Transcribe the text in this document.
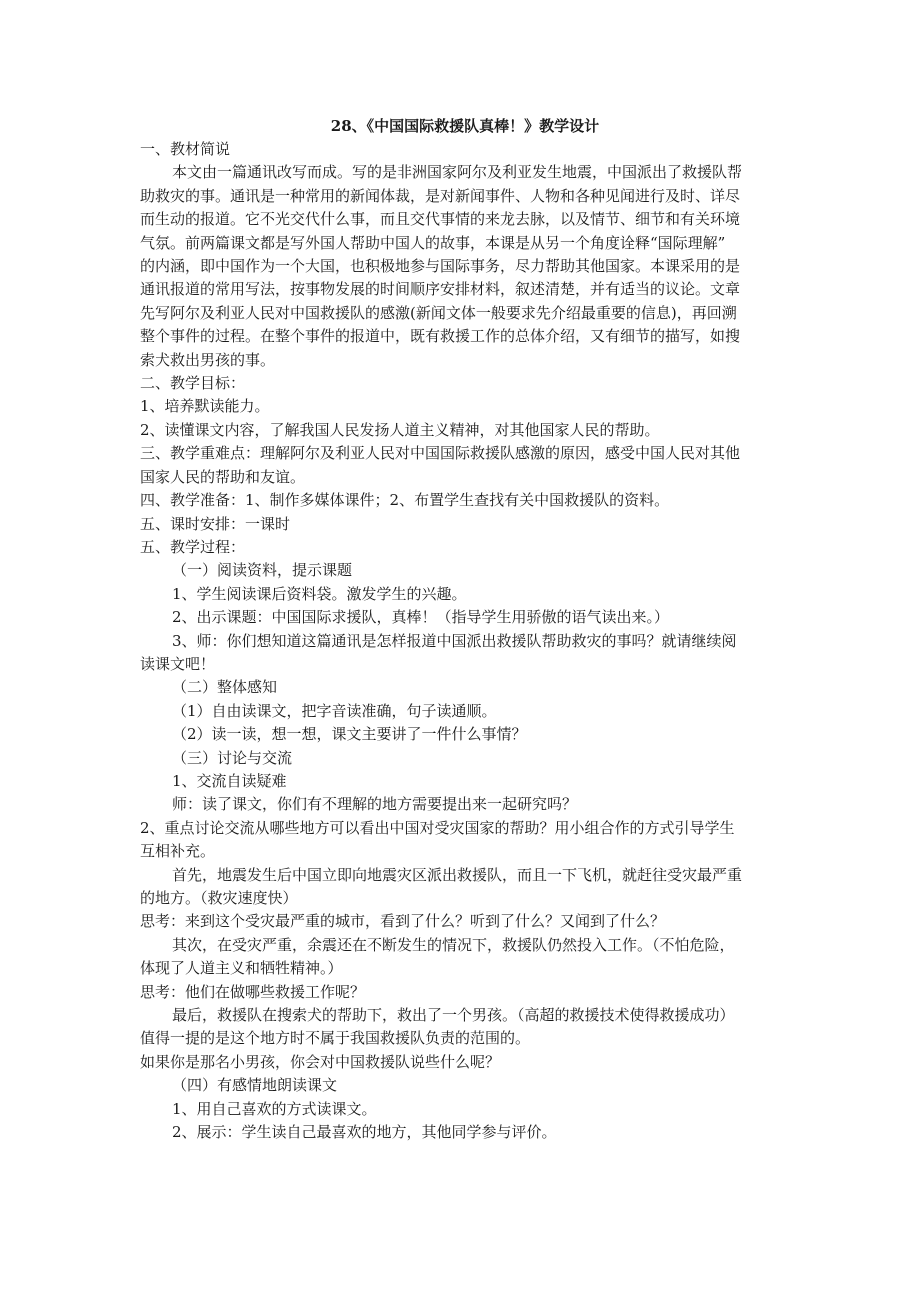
28、《中国国际救援队真棒！》教学设计

一、教材简说

本文由一篇通讯改写而成。写的是非洲国家阿尔及利亚发生地震，中国派出了救援队帮

助救灾的事。通讯是一种常用的新闻体裁，是对新闻事件、人物和各种见闻进行及时、详尽

而生动的报道。它不光交代什么事，而且交代事情的来龙去脉，以及情节、细节和有关环境

气氛。前两篇课文都是写外国人帮助中国人的故事，本课是从另一个角度诠释“国际理解”

的内涵，即中国作为一个大国，也积极地参与国际事务，尽力帮助其他国家。本课采用的是

通讯报道的常用写法，按事物发展的时间顺序安排材料，叙述清楚，并有适当的议论。文章

先写阿尔及利亚人民对中国救援队的感激(新闻文体一般要求先介绍最重要的信息)，再回溯

整个事件的过程。在整个事件的报道中，既有救援工作的总体介绍，又有细节的描写，如搜

索犬救出男孩的事。

二、教学目标：

1、培养默读能力。

2、读懂课文内容，了解我国人民发扬人道主义精神，对其他国家人民的帮助。

三、教学重难点：理解阿尔及利亚人民对中国国际救援队感激的原因，感受中国人民对其他

国家人民的帮助和友谊。

四、教学准备：1、制作多媒体课件；2、布置学生查找有关中国救援队的资料。

五、课时安排：一课时

五、教学过程：

（一）阅读资料，提示课题

1、学生阅读课后资料袋。激发学生的兴趣。

2、出示课题：中国国际求援队，真棒！（指导学生用骄傲的语气读出来。）

3、师：你们想知道这篇通讯是怎样报道中国派出救援队帮助救灾的事吗？就请继续阅

读课文吧！

（二）整体感知

（1）自由读课文，把字音读准确，句子读通顺。

（2）读一读，想一想，课文主要讲了一件什么事情？

（三）讨论与交流

1、交流自读疑难

师：读了课文，你们有不理解的地方需要提出来一起研究吗？

2、重点讨论交流从哪些地方可以看出中国对受灾国家的帮助？用小组合作的方式引导学生

互相补充。

首先，地震发生后中国立即向地震灾区派出救援队，而且一下飞机，就赶往受灾最严重

的地方。（救灾速度快）

思考：来到这个受灾最严重的城市，看到了什么？听到了什么？又闻到了什么？

其次，在受灾严重，余震还在不断发生的情况下，救援队仍然投入工作。（不怕危险，

体现了人道主义和牺牲精神。）

思考：他们在做哪些救援工作呢？

最后，救援队在搜索犬的帮助下，救出了一个男孩。（高超的救援技术使得救援成功）

值得一提的是这个地方时不属于我国救援队负责的范围的。

如果你是那名小男孩，你会对中国救援队说些什么呢？

（四）有感情地朗读课文

1、用自己喜欢的方式读课文。

2、展示：学生读自己最喜欢的地方，其他同学参与评价。
